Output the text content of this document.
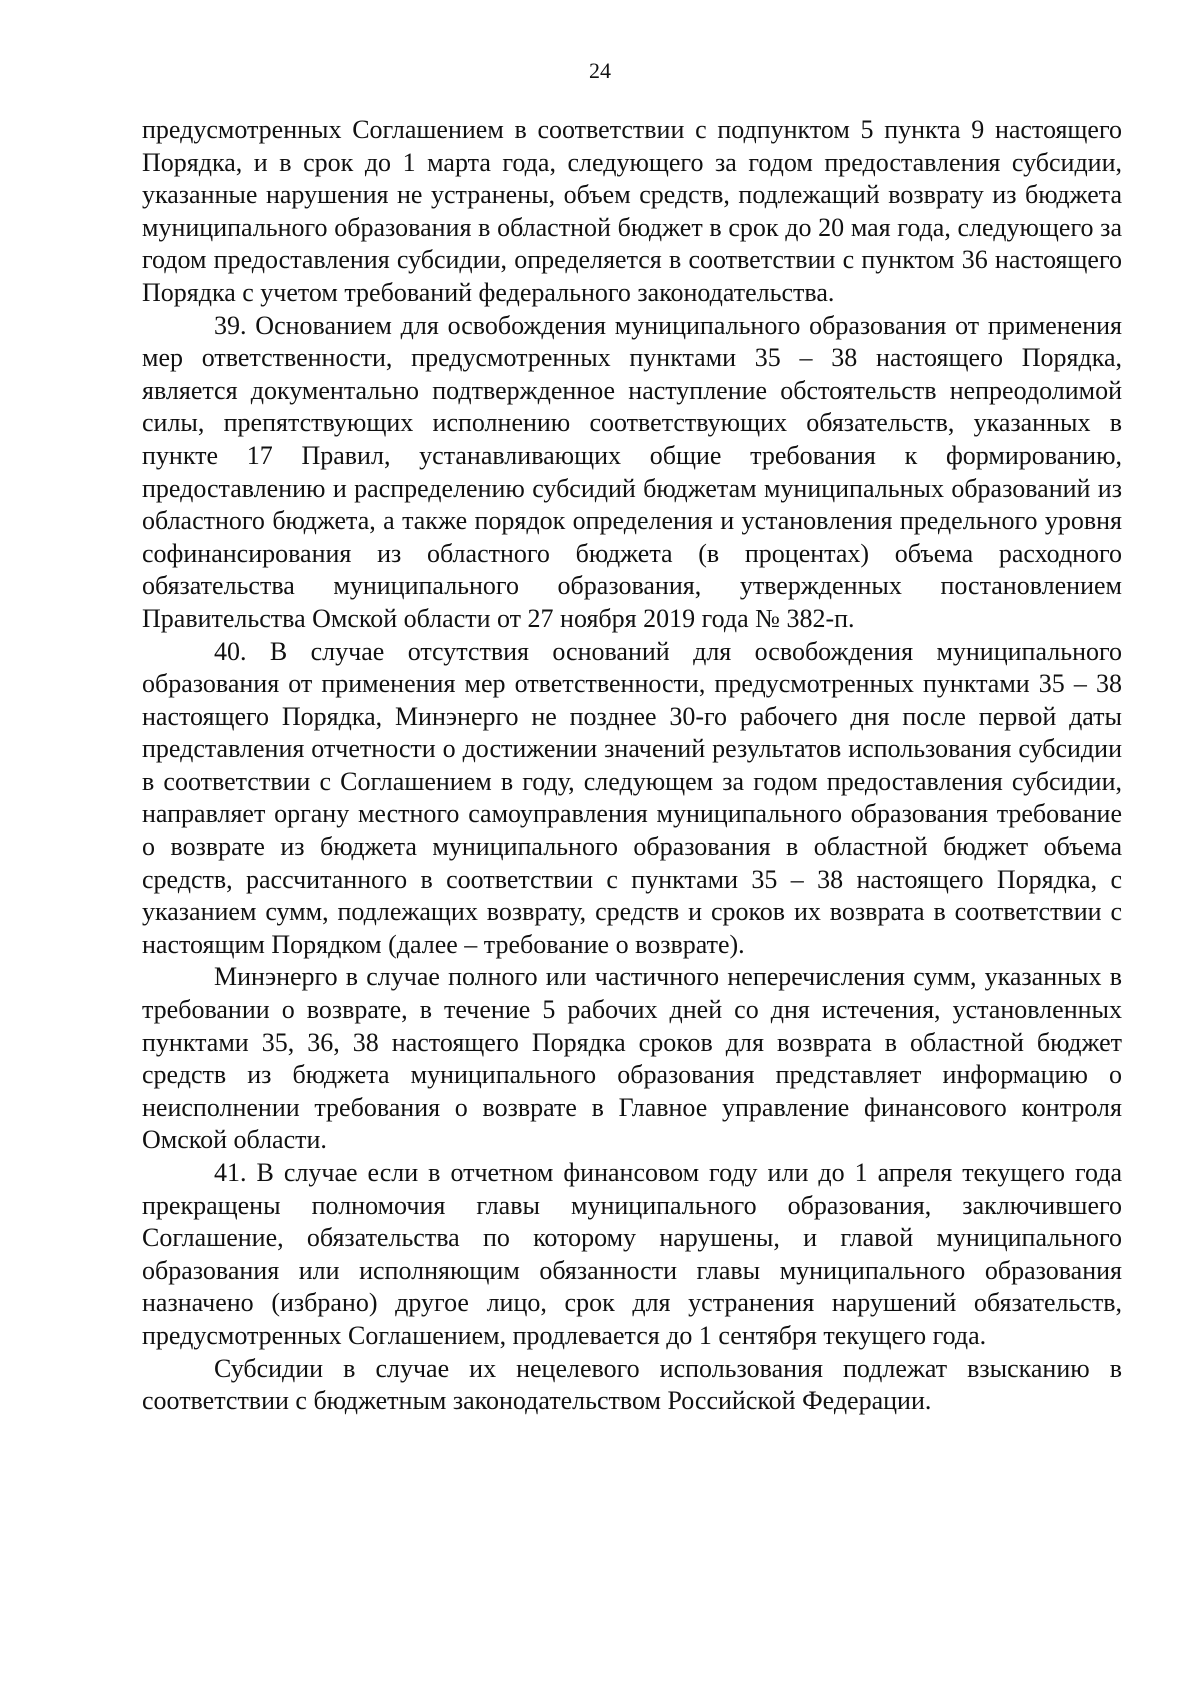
24

предусмотренных Соглашением в соответствии с подпунктом 5 пункта 9 настоящего Порядка, и в срок до 1 марта года, следующего за годом предоставления субсидии, указанные нарушения не устранены, объем средств, подлежащий возврату из бюджета муниципального образования в областной бюджет в срок до 20 мая года, следующего за годом предоставления субсидии, определяется в соответствии с пунктом 36 настоящего Порядка с учетом требований федерального законодательства.

39. Основанием для освобождения муниципального образования от применения мер ответственности, предусмотренных пунктами 35 – 38 настоящего Порядка, является документально подтвержденное наступление обстоятельств непреодолимой силы, препятствующих исполнению соответствующих обязательств, указанных в пункте 17 Правил, устанавливающих общие требования к формированию, предоставлению и распределению субсидий бюджетам муниципальных образований из областного бюджета, а также порядок определения и установления предельного уровня софинансирования из областного бюджета (в процентах) объема расходного обязательства муниципального образования, утвержденных постановлением Правительства Омской области от 27 ноября 2019 года № 382-п.

40. В случае отсутствия оснований для освобождения муниципального образования от применения мер ответственности, предусмотренных пунктами 35 – 38 настоящего Порядка, Минэнерго не позднее 30-го рабочего дня после первой даты представления отчетности о достижении значений результатов использования субсидии в соответствии с Соглашением в году, следующем за годом предоставления субсидии, направляет органу местного самоуправления муниципального образования требование о возврате из бюджета муниципального образования в областной бюджет объема средств, рассчитанного в соответствии с пунктами 35 – 38 настоящего Порядка, с указанием сумм, подлежащих возврату, средств и сроков их возврата в соответствии с настоящим Порядком (далее – требование о возврате).

Минэнерго в случае полного или частичного неперечисления сумм, указанных в требовании о возврате, в течение 5 рабочих дней со дня истечения, установленных пунктами 35, 36, 38 настоящего Порядка сроков для возврата в областной бюджет средств из бюджета муниципального образования представляет информацию о неисполнении требования о возврате в Главное управление финансового контроля Омской области.

41. В случае если в отчетном финансовом году или до 1 апреля текущего года прекращены полномочия главы муниципального образования, заключившего Соглашение, обязательства по которому нарушены, и главой муниципального образования или исполняющим обязанности главы муниципального образования назначено (избрано) другое лицо, срок для устранения нарушений обязательств, предусмотренных Соглашением, продлевается до 1 сентября текущего года.

Субсидии в случае их нецелевого использования подлежат взысканию в соответствии с бюджетным законодательством Российской Федерации.
